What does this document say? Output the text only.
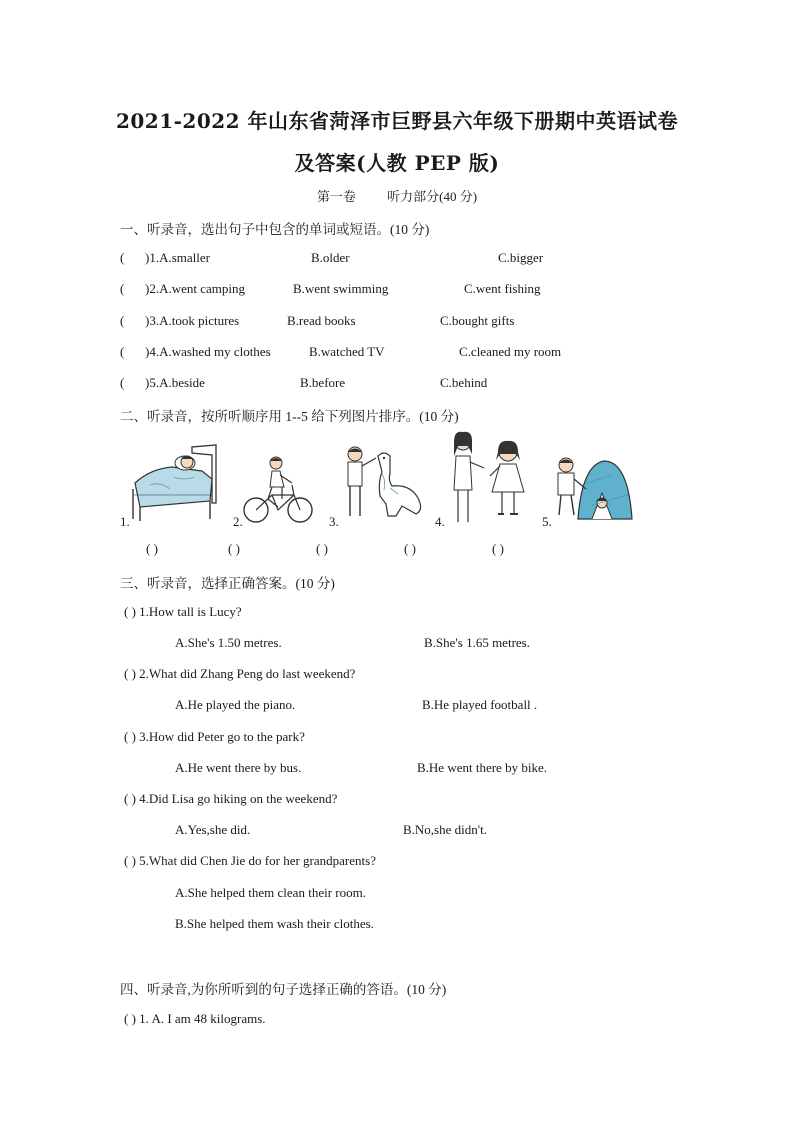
2021-2022 年山东省菏泽市巨野县六年级下册期中英语试卷
及答案(人教 PEP 版)
第一卷 听力部分(40 分)
一、听录音，选出句子中包含的单词或短语。(10 分)
( )1.A.smaller	B.older	C.bigger
( )2.A.went camping	B.went swimming	C.went fishing
( )3.A.took pictures	B.read books	C.bought gifts
( )4.A.washed my clothes	B.watched TV	C.cleaned my room
( )5.A.beside	B.before	C.behind
二、听录音，按所听顺序用 1--5 给下列图片排序。(10 分)
1.	2.	3.	4.	5.
( )	( )	( )	( )	( )
三、听录音，选择正确答案。(10 分)
( ) 1.How tall is Lucy?
A.She's 1.50 metres.	B.She's 1.65 metres.
( ) 2.What did Zhang Peng do last weekend?
A.He played the piano.	B.He played football .
( ) 3.How did Peter go to the park?
A.He went there by bus.	B.He went there by bike.
( ) 4.Did Lisa go hiking on the weekend?
A.Yes,she did.	B.No,she didn't.
( ) 5.What did Chen Jie do for her grandparents?
A.She helped them clean their room.
B.She helped them wash their clothes.
四、听录音,为你所听到的句子选择正确的答语。(10 分)
( ) 1. A. I am 48 kilograms.
